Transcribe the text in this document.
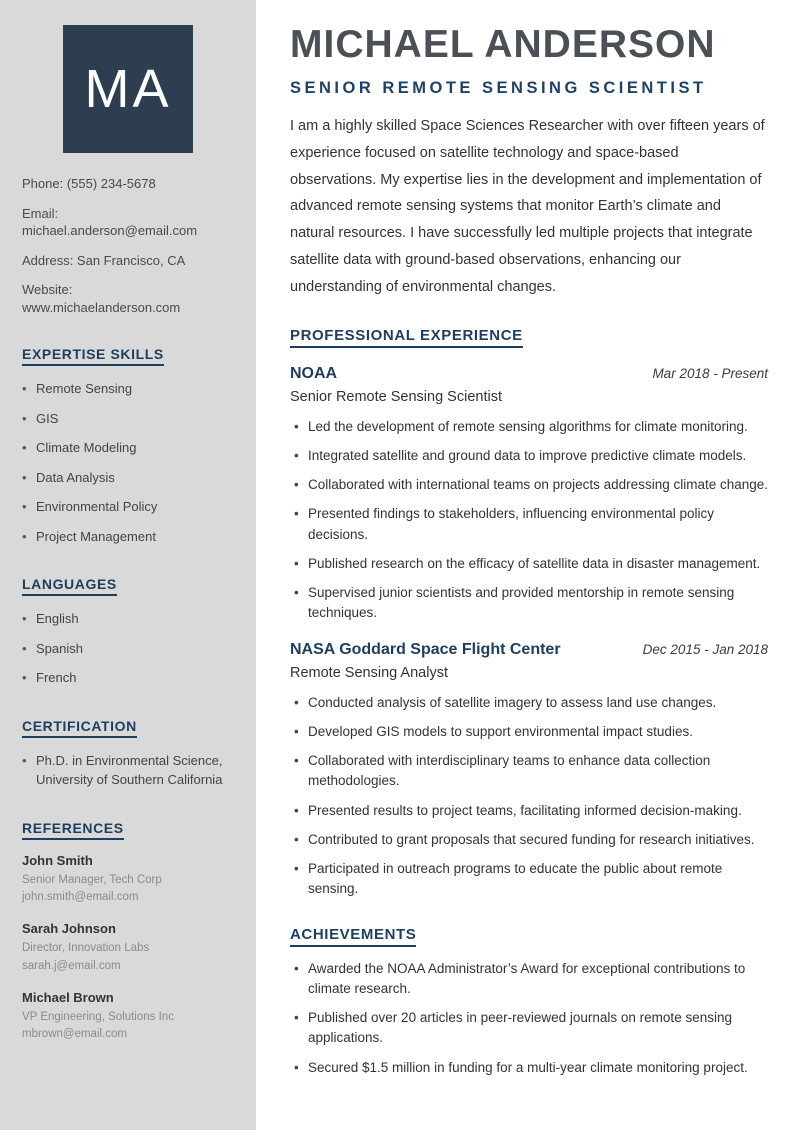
MA

Phone: (555) 234-5678

Email: michael.anderson@email.com

Address: San Francisco, CA

Website: www.michaelanderson.com

EXPERTISE SKILLS
• Remote Sensing
• GIS
• Climate Modeling
• Data Analysis
• Environmental Policy
• Project Management
LANGUAGES
• English
• Spanish
• French
CERTIFICATION
• Ph.D. in Environmental Science, University of Southern California
REFERENCES
John Smith
Senior Manager, Tech Corp
john.smith@email.com
Sarah Johnson
Director, Innovation Labs
sarah.j@email.com
Michael Brown
VP Engineering, Solutions Inc
mbrown@email.com
MICHAEL ANDERSON
SENIOR REMOTE SENSING SCIENTIST

I am a highly skilled Space Sciences Researcher with over fifteen years of experience focused on satellite technology and space-based observations. My expertise lies in the development and implementation of advanced remote sensing systems that monitor Earth’s climate and natural resources. I have successfully led multiple projects that integrate satellite data with ground-based observations, enhancing our understanding of environmental changes.

PROFESSIONAL EXPERIENCE
NOAA	Mar 2018 - Present
Senior Remote Sensing Scientist
• Led the development of remote sensing algorithms for climate monitoring.
• Integrated satellite and ground data to improve predictive climate models.
• Collaborated with international teams on projects addressing climate change.
• Presented findings to stakeholders, influencing environmental policy decisions.
• Published research on the efficacy of satellite data in disaster management.
• Supervised junior scientists and provided mentorship in remote sensing techniques.
NASA Goddard Space Flight Center	Dec 2015 - Jan 2018
Remote Sensing Analyst
• Conducted analysis of satellite imagery to assess land use changes.
• Developed GIS models to support environmental impact studies.
• Collaborated with interdisciplinary teams to enhance data collection methodologies.
• Presented results to project teams, facilitating informed decision-making.
• Contributed to grant proposals that secured funding for research initiatives.
• Participated in outreach programs to educate the public about remote sensing.
ACHIEVEMENTS
• Awarded the NOAA Administrator’s Award for exceptional contributions to climate research.
• Published over 20 articles in peer-reviewed journals on remote sensing applications.
• Secured $1.5 million in funding for a multi-year climate monitoring project.
